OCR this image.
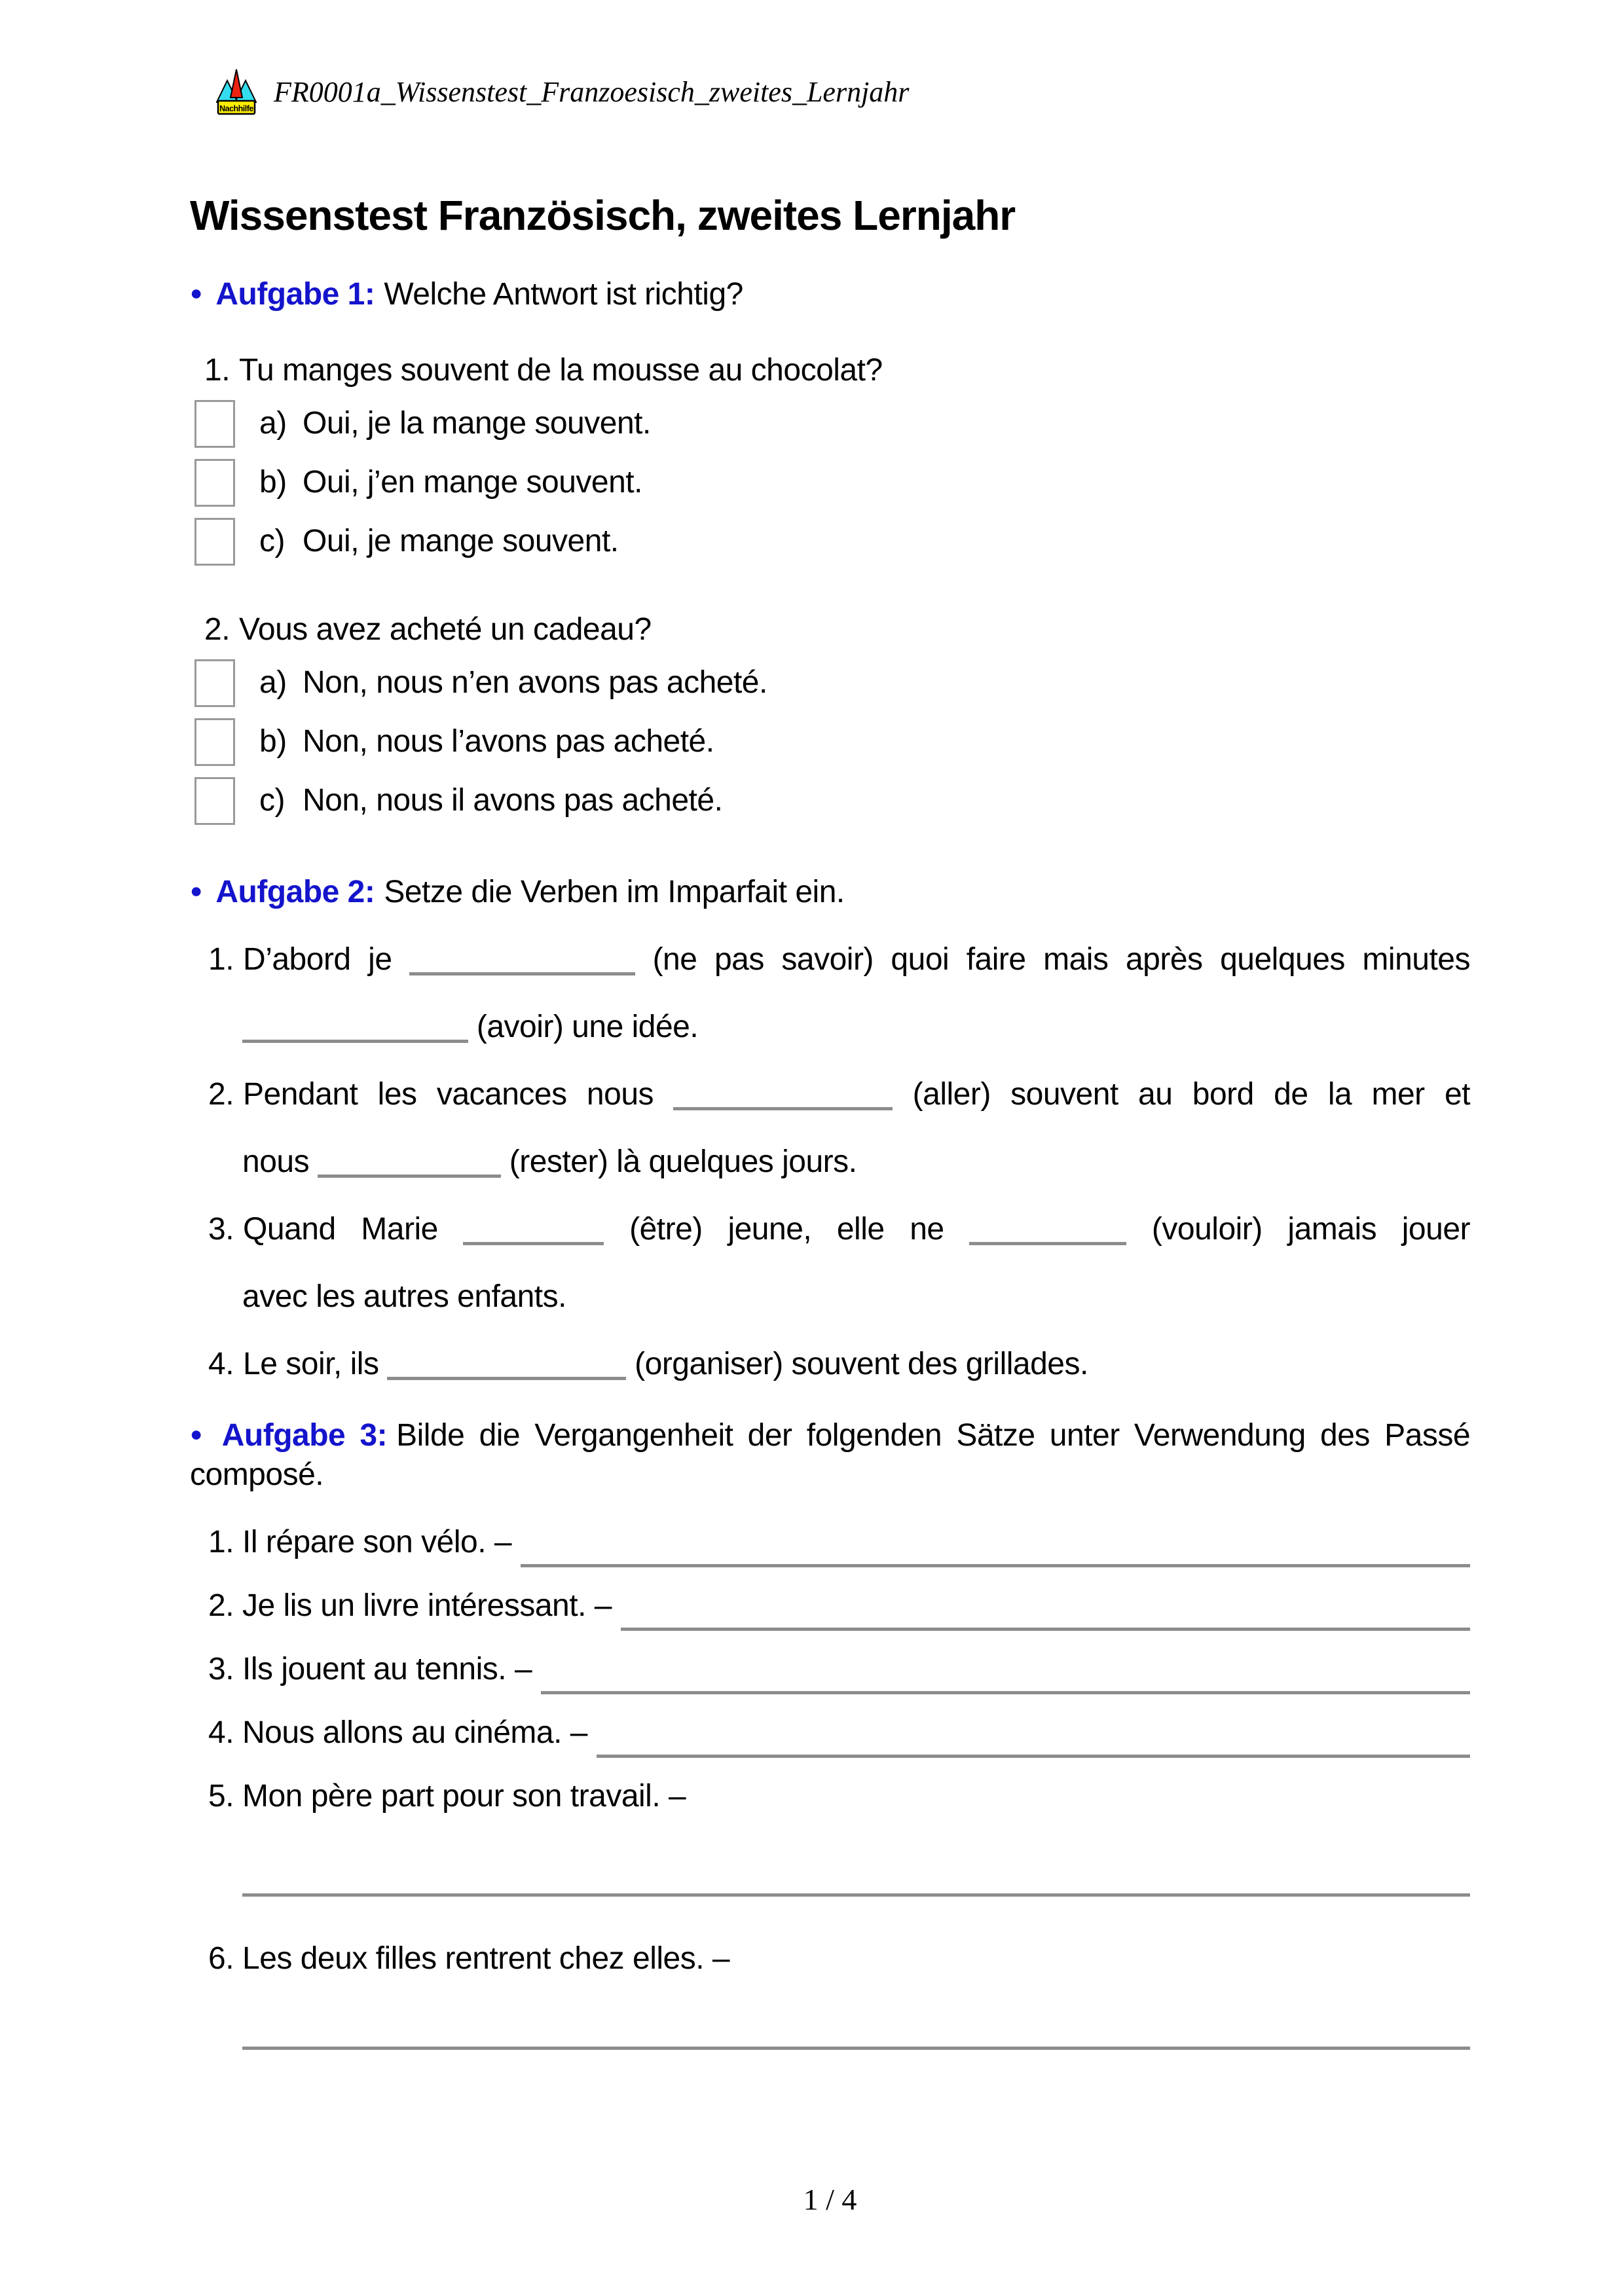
Nachhilfe
FR0001a_Wissenstest_Franzoesisch_zweites_Lernjahr
Wissenstest Französisch, zweites Lernjahr
● Aufgabe 1: Welche Antwort ist richtig?
1. Tu manges souvent de la mousse au chocolat?
a) Oui, je la mange souvent.
b) Oui, j’en mange souvent.
c) Oui, je mange souvent.
2. Vous avez acheté un cadeau?
a) Non, nous n’en avons pas acheté.
b) Non, nous l’avons pas acheté.
c) Non, nous il avons pas acheté.
● Aufgabe 2: Setze die Verben im Imparfait ein.
1. D’abord je	(ne pas savoir) quoi faire mais après quelques minutes
(avoir) une idée.
2. Pendant les vacances nous	(aller) souvent au bord de la mer et
nous	(rester) là quelques jours.
3. Quand Marie	(être) jeune, elle ne	(vouloir) jamais jouer
avec les autres enfants.
4. Le soir, ils	(organiser) souvent des grillades.
● Aufgabe 3: Bilde die Vergangenheit der folgenden Sätze unter Verwendung des Passé composé.
1. Il répare son vélo. –
2. Je lis un livre intéressant. –
3. Ils jouent au tennis. –
4. Nous allons au cinéma. –
5. Mon père part pour son travail. –
6. Les deux filles rentrent chez elles. –
1 / 4
